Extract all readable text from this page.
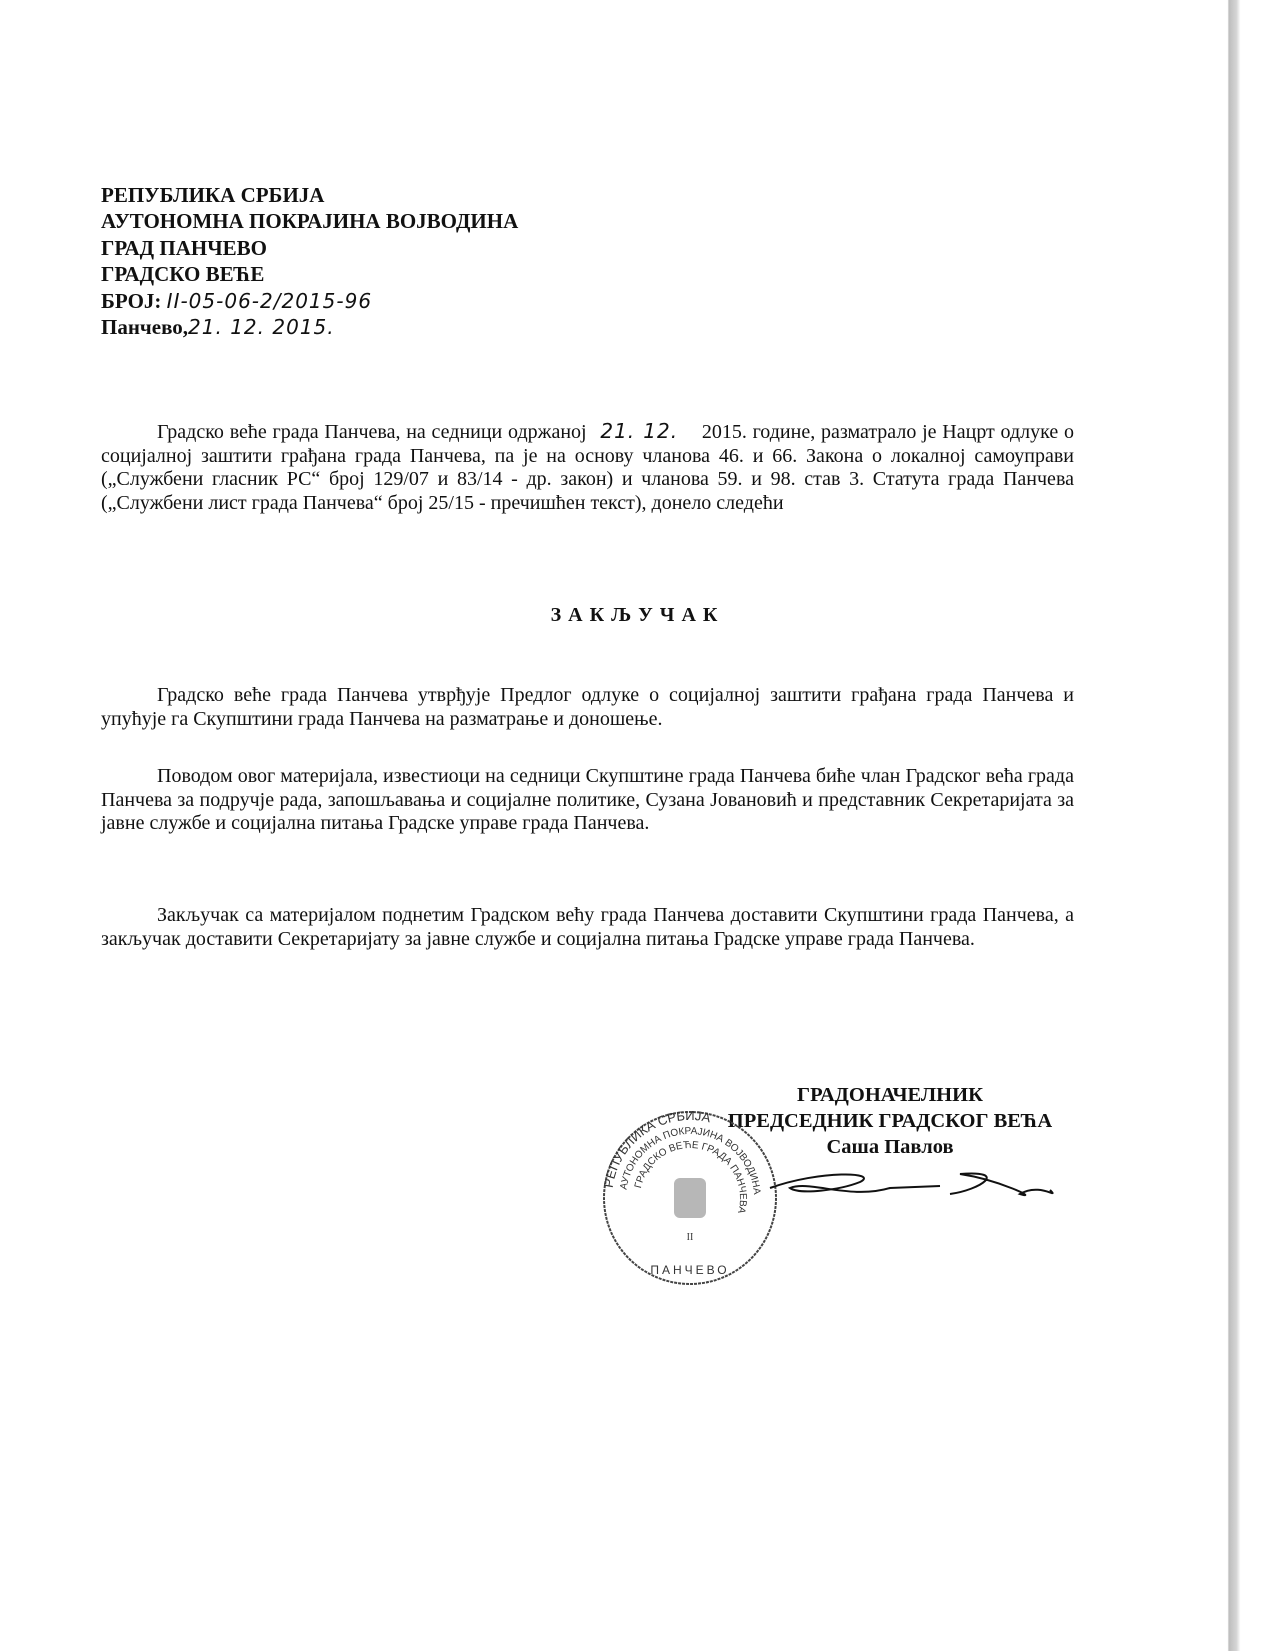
РЕПУБЛИКА СРБИЈА
АУТОНОМНА ПОКРАЈИНА ВОЈВОДИНА
ГРАД ПАНЧЕВО
ГРАДСКО ВЕЋЕ
БРОЈ: II-05-06-2/2015-96
Панчево,21. 12. 2015.
Градско веће града Панчева, на седници одржаној 21. 12. 2015. године, разматрало је Нацрт одлуке о социјалној заштити грађана града Панчева, па је на основу чланова 46. и 66. Закона о локалној самоуправи („Службени гласник РС“ број 129/07 и 83/14 - др. закон) и чланова 59. и 98. став 3. Статута града Панчева („Службени лист града Панчева“ број 25/15 - пречишћен текст), донело следећи
ЗАКЉУЧАК
Градско веће града Панчева утврђује Предлог одлуке о социјалној заштити грађана града Панчева и упућује га Скупштини града Панчева на разматрање и доношење.
Поводом овог материјала, известиоци на седници Скупштине града Панчева биће члан Градског већа града Панчева за подручје рада, запошљавања и социјалне политике, Сузана Јовановић и представник Секретаријата за јавне службе и социјална питања Градске управе града Панчева.
Закључак са материјалом поднетим Градском већу града Панчева доставити Скупштини града Панчева, а закључак доставити Секретаријату за јавне службе и социјална питања Градске управе града Панчева.
ГРАДОНАЧЕЛНИК
ПРЕДСЕДНИК ГРАДСКОГ ВЕЋА
Саша Павлов
РЕПУБЛИКА СРБИЈА
АУТОНОМНА ПОКРАЈИНА ВОЈВОДИНА
ГРАДСКО ВЕЋЕ ГРАДА ПАНЧЕВА
II
ПАНЧЕВО
